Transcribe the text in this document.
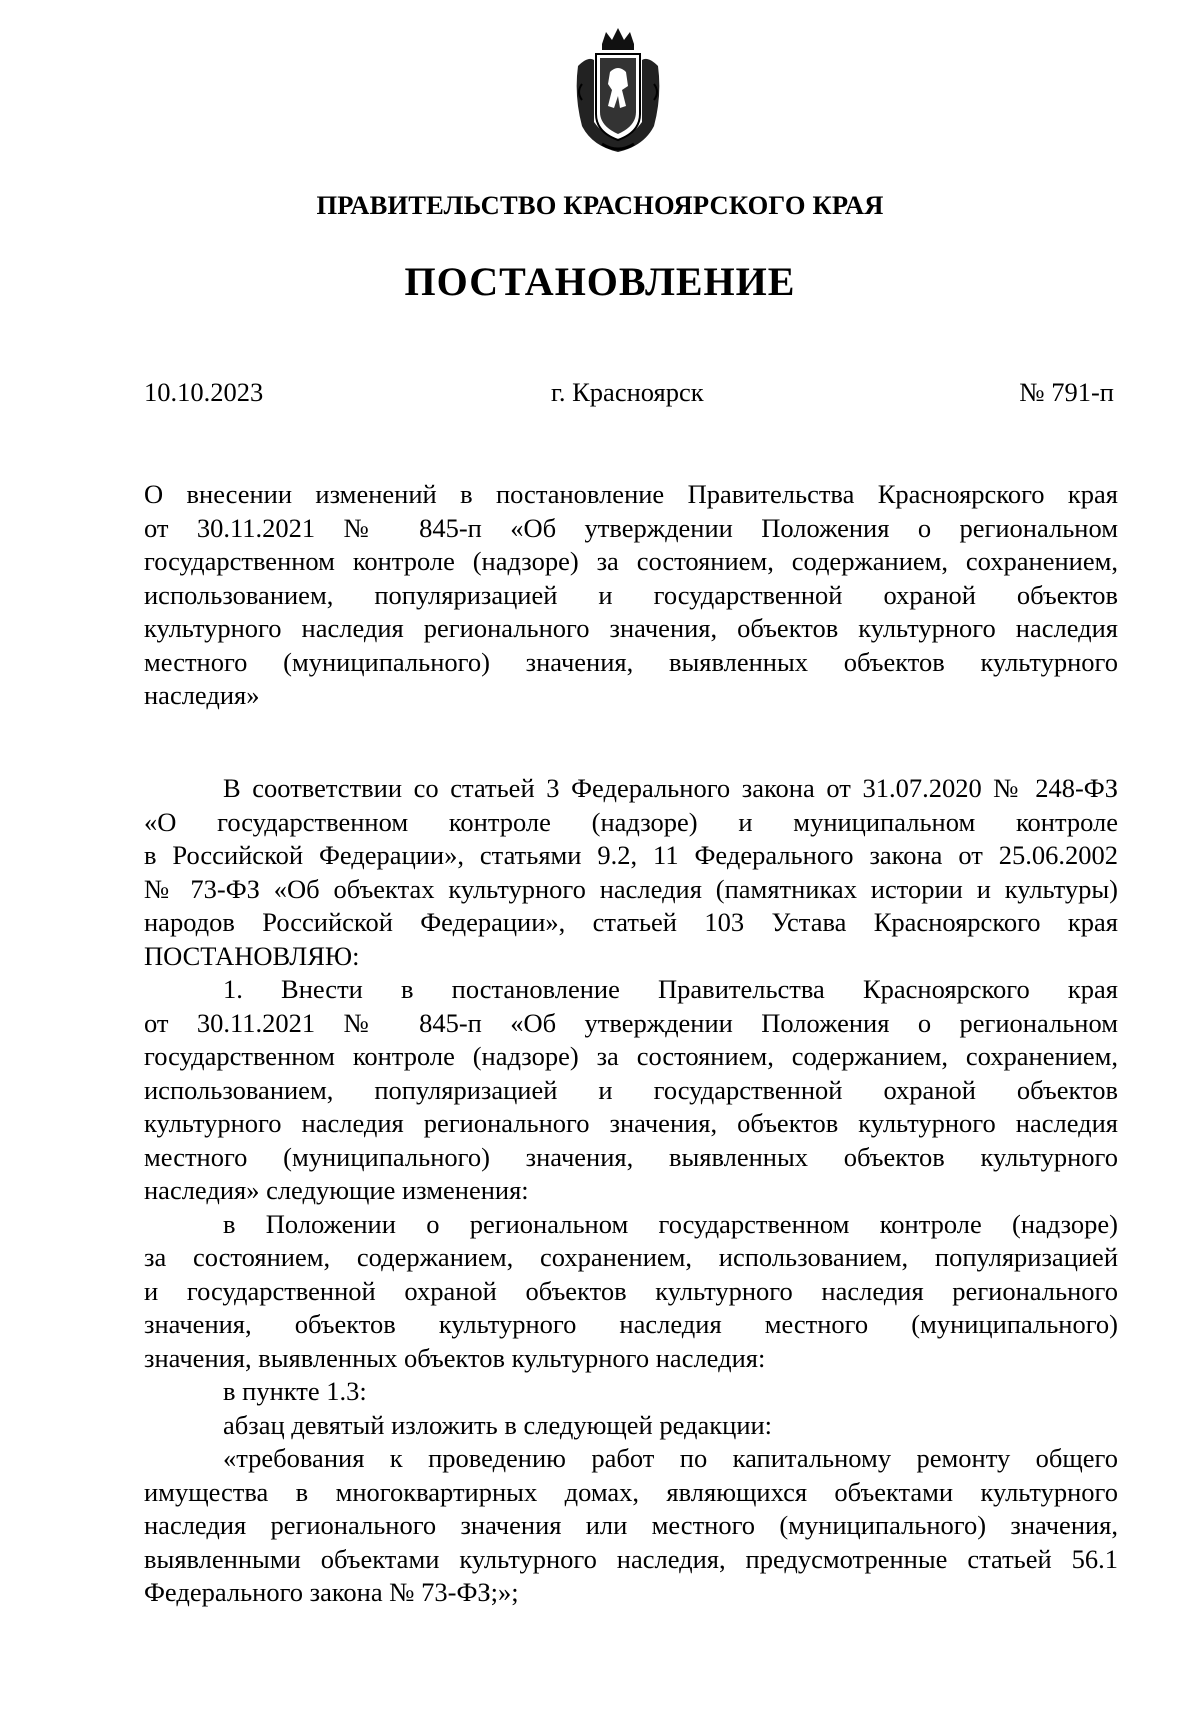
ПРАВИТЕЛЬСТВО КРАСНОЯРСКОГО КРАЯ
ПОСТАНОВЛЕНИЕ
10.10.2023	г. Красноярск	№ 791-п
О внесении изменений в постановление Правительства Красноярского края
от 30.11.2021 № 845-п «Об утверждении Положения о региональном
государственном контроле (надзоре) за состоянием, содержанием, сохранением,
использованием, популяризацией и государственной охраной объектов
культурного наследия регионального значения, объектов культурного наследия
местного (муниципального) значения, выявленных объектов культурного
наследия»
В соответствии со статьей 3 Федерального закона от 31.07.2020 № 248-ФЗ
«О государственном контроле (надзоре) и муниципальном контроле
в Российской Федерации», статьями 9.2, 11 Федерального закона от 25.06.2002
№ 73-ФЗ «Об объектах культурного наследия (памятниках истории и культуры)
народов Российской Федерации», статьей 103 Устава Красноярского края
ПОСТАНОВЛЯЮ:
1. Внести в постановление Правительства Красноярского края
от 30.11.2021 № 845-п «Об утверждении Положения о региональном
государственном контроле (надзоре) за состоянием, содержанием, сохранением,
использованием, популяризацией и государственной охраной объектов
культурного наследия регионального значения, объектов культурного наследия
местного (муниципального) значения, выявленных объектов культурного
наследия» следующие изменения:
в Положении о региональном государственном контроле (надзоре)
за состоянием, содержанием, сохранением, использованием, популяризацией
и государственной охраной объектов культурного наследия регионального
значения, объектов культурного наследия местного (муниципального)
значения, выявленных объектов культурного наследия:
в пункте 1.3:
абзац девятый изложить в следующей редакции:
«требования к проведению работ по капитальному ремонту общего
имущества в многоквартирных домах, являющихся объектами культурного
наследия регионального значения или местного (муниципального) значения,
выявленными объектами культурного наследия, предусмотренные статьей 56.1
Федерального закона № 73-ФЗ;»;
